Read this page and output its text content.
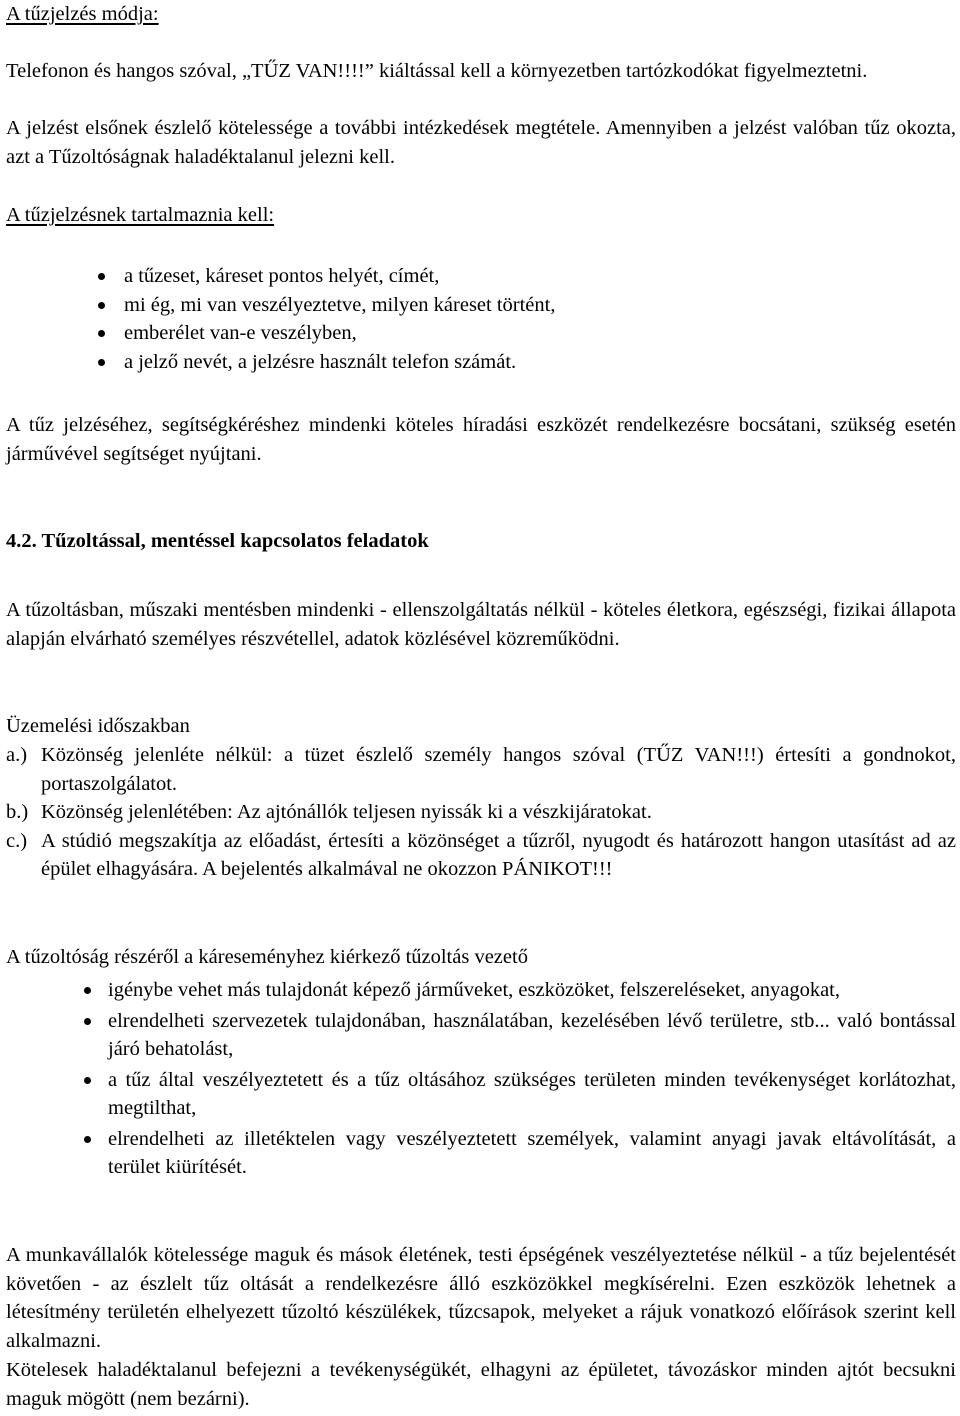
A tűzjelzés módja:
Telefonon és hangos szóval, „TŰZ VAN!!!!” kiáltással kell a környezetben tartózkodókat figyelmeztetni.
A jelzést elsőnek észlelő kötelessége a további intézkedések megtétele. Amennyiben a jelzést valóban tűz okozta, azt a Tűzoltóságnak haladéktalanul jelezni kell.
A tűzjelzésnek tartalmaznia kell:
a tűzeset, káreset pontos helyét, címét,
mi ég, mi van veszélyeztetve, milyen káreset történt,
emberélet van-e veszélyben,
a jelző nevét, a jelzésre használt telefon számát.
A tűz jelzéséhez, segítségkéréshez mindenki köteles híradási eszközét rendelkezésre bocsátani, szükség esetén járművével segítséget nyújtani.
4.2. Tűzoltással, mentéssel kapcsolatos feladatok
A tűzoltásban, műszaki mentésben mindenki - ellenszolgáltatás nélkül - köteles életkora, egészségi, fizikai állapota alapján elvárható személyes részvétellel, adatok közlésével közreműködni.
Üzemelési időszakban
a.) Közönség jelenléte nélkül: a tüzet észlelő személy hangos szóval (TŰZ VAN!!!) értesíti a gondnokot, portaszolgálatot.
b.) Közönség jelenlétében: Az ajtónállók teljesen nyissák ki a vészkijáratokat.
c.) A stúdió megszakítja az előadást, értesíti a közönséget a tűzről, nyugodt és határozott hangon utasítást ad az épület elhagyására. A bejelentés alkalmával ne okozzon PÁNIKOT!!!
A tűzoltóság részéről a káreseményhez kiérkező tűzoltás vezető
igénybe vehet más tulajdonát képező járműveket, eszközöket, felszereléseket, anyagokat,
elrendelheti szervezetek tulajdonában, használatában, kezelésében lévő területre, stb... való bontással járó behatolást,
a tűz által veszélyeztetett és a tűz oltásához szükséges területen minden tevékenységet korlátozhat, megtilthat,
elrendelheti az illetéktelen vagy veszélyeztetett személyek, valamint anyagi javak eltávolítását, a terület kiürítését.
A munkavállalók kötelessége maguk és mások életének, testi épségének veszélyeztetése nélkül - a tűz bejelentését követően - az észlelt tűz oltását a rendelkezésre álló eszközökkel megkísérelni. Ezen eszközök lehetnek a létesítmény területén elhelyezett tűzoltó készülékek, tűzcsapok, melyeket a rájuk vonatkozó előírások szerint kell alkalmazni.
Kötelesek haladéktalanul befejezni a tevékenységükét, elhagyni az épületet, távozáskor minden ajtót becsukni maguk mögött (nem bezárni).
